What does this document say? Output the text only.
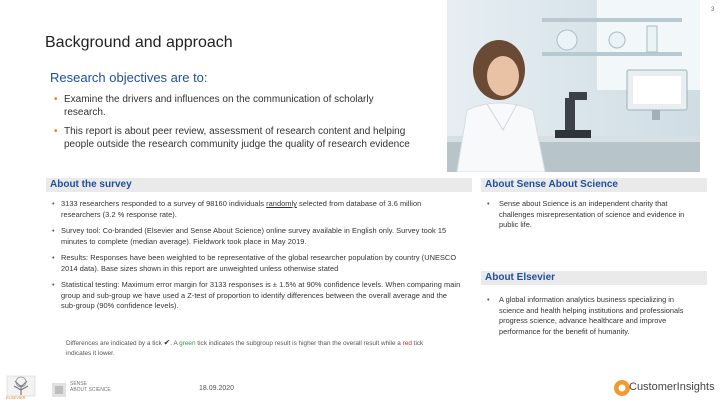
3
Background and approach
Research objectives are to:
• Examine the drivers and influences on the communication of scholarly research.
• This report is about peer review, assessment of research content and helping people outside the research community judge the quality of research evidence
About the survey
• 3133 researchers responded to a survey of 98160 individuals randomly selected from database of 3.6 million researchers (3.2 % response rate).
• Survey tool: Co-branded (Elsevier and Sense About Science) online survey available in English only. Survey took 15 minutes to complete (median average). Fieldwork took place in May 2019.
• Results: Responses have been weighted to be representative of the global researcher population by country (UNESCO 2014 data). Base sizes shown in this report are unweighted unless otherwise stated
• Statistical testing: Maximum error margin for 3133 responses is ± 1.5% at 90% confidence levels. When comparing main group and sub-group we have used a Z-test of proportion to identify differences between the overall average and the sub-group (90% confidence levels).
Differences are indicated by a tick ✔. A green tick indicates the subgroup result is higher than the overall result while a red tick indicates it lower.
About Sense About Science
• Sense about Science is an independent charity that challenges misrepresentation of science and evidence in public life.
About Elsevier
• A global information analytics business specializing in science and health helping institutions and professionals progress science, advance healthcare and improve performance for the benefit of humanity.
ELSEVIER
SENSE
ABOUT SCIENCE	18.09.2020	CustomerInsights
